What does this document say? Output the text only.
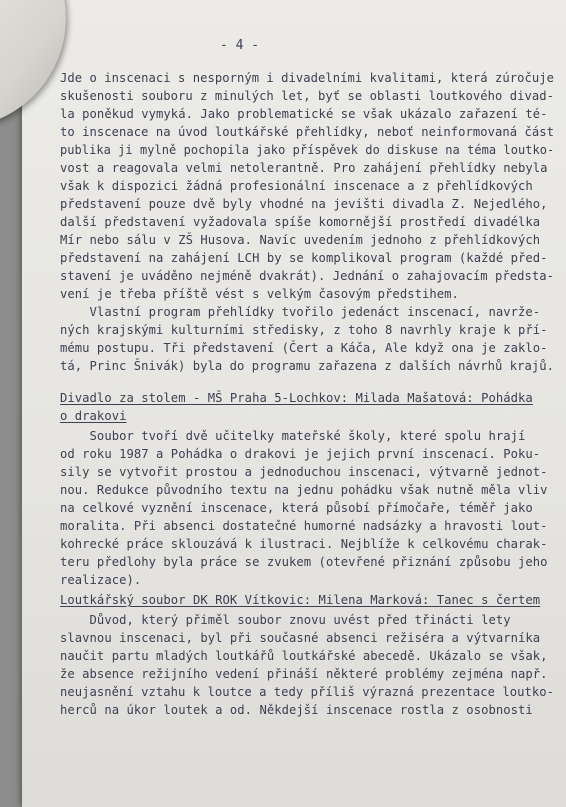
- 4 -
Jde o inscenaci s nesporným i divadelními kvalitami, která zúročuje
skušenosti souboru z minulých let, byť se oblasti loutkového divad-
la poněkud vymyká. Jako problematické se však ukázalo zařazení té-
to inscenace na úvod loutkářské přehlídky, neboť neinformovaná část
publika ji mylně pochopila jako příspěvek do diskuse na téma loutko-
vost a reagovala velmi netolerantně. Pro zahájení přehlídky nebyla
však k dispozici žádná profesionální inscenace a z přehlídkových
představení pouze dvě byly vhodné na jevišti divadla Z. Nejedlého,
další představení vyžadovala spíše komornější prostředí divadélka
Mír nebo sálu v ZŠ Husova. Navíc uvedením jednoho z přehlídkových
představení na zahájení LCH by se komplikoval program (každé před-
stavení je uváděno nejméně dvakrát). Jednání o zahajovacím předsta-
vení je třeba příště vést s velkým časovým předstihem.
Vlastní program přehlídky tvořilo jedenáct inscenací, navrže-
ných krajskými kulturními středisky, z toho 8 navrhly kraje k pří-
mému postupu. Tři představení (Čert a Káča, Ale když ona je zaklo-
tá, Princ Šnivák) byla do programu zařazena z dalších návrhů krajů.
Divadlo za stolem - MŠ Praha 5-Lochkov: Milada Mašatová: Pohádka
o drakovi
Soubor tvoří dvě učitelky mateřské školy, které spolu hrají
od roku 1987 a Pohádka o drakovi je jejich první inscenací. Poku-
sily se vytvořit prostou a jednoduchou inscenaci, výtvarně jednot-
nou. Redukce původního textu na jednu pohádku však nutně měla vliv
na celkové vyznění inscenace, která působí přímočaře, téměř jako
moralita. Při absenci dostatečné humorné nadsázky a hravosti lout-
kohrecké práce sklouzává k ilustraci. Nejblíže k celkovému charak-
teru předlohy byla práce se zvukem (otevřené přiznání způsobu jeho
realizace).
Loutkářský soubor DK ROK Vítkovic: Milena Marková: Tanec s čertem
Důvod, který přiměl soubor znovu uvést před třinácti lety
slavnou inscenaci, byl při současné absenci režiséra a výtvarníka
naučit partu mladých loutkářů loutkářské abecedě. Ukázalo se však,
že absence režijního vedení přináší některé problémy zejména např.
neujasnění vztahu k loutce a tedy příliš výrazná prezentace loutko-
herců na úkor loutek a od. Někdejší inscenace rostla z osobnosti
